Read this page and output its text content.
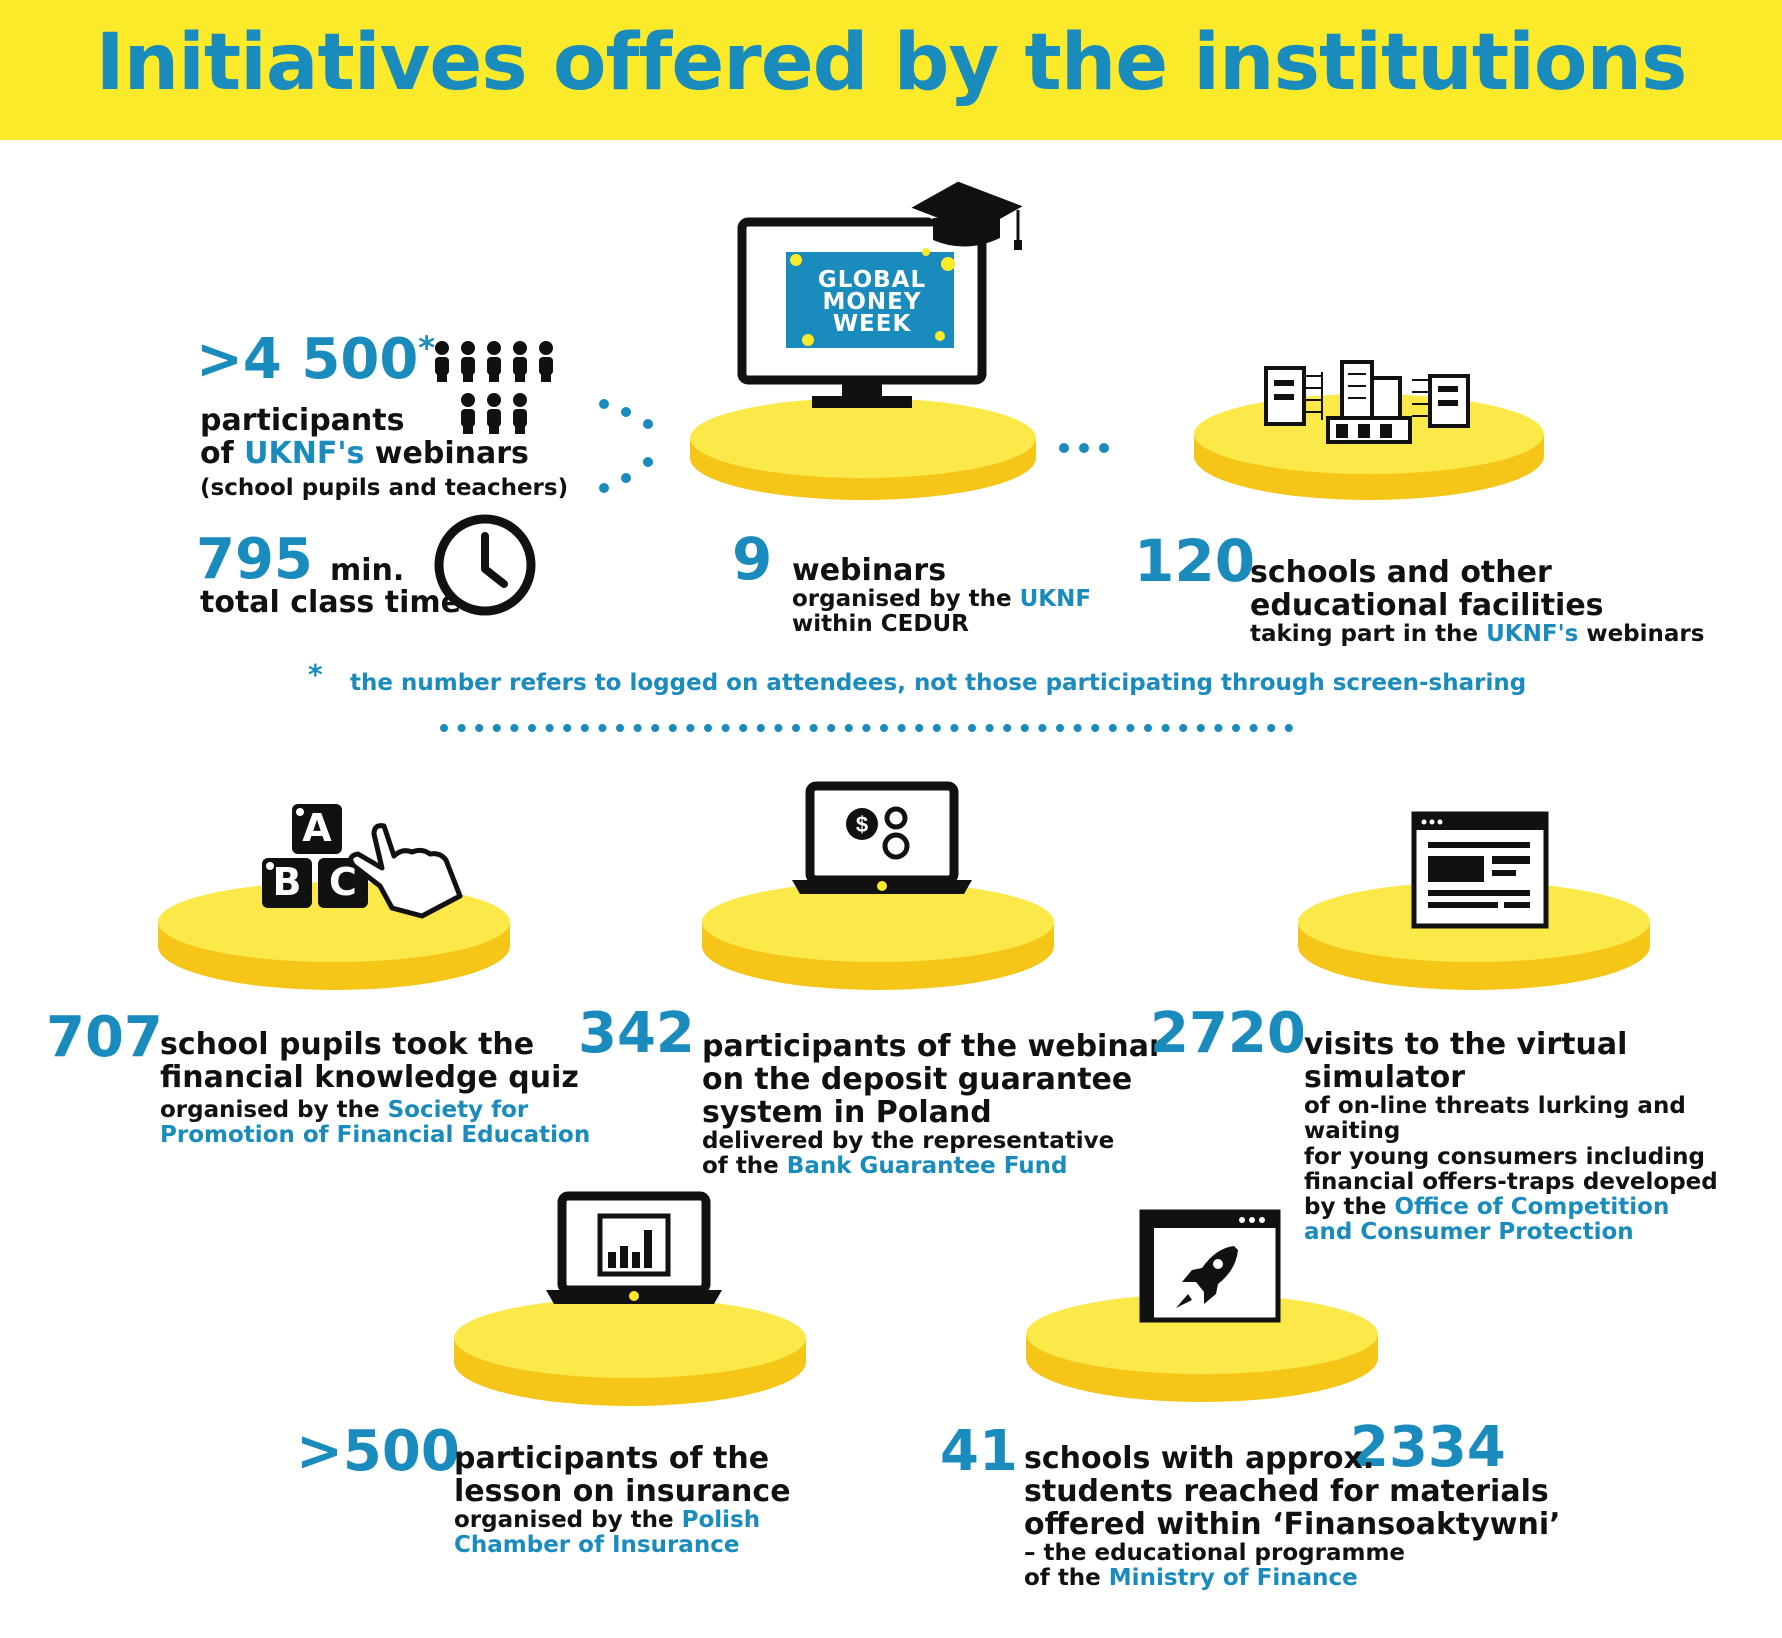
Initiatives offered by the institutions
>4 500*
participants
of UKNF's webinars
(school pupils and teachers)
795 min.
total class time
GLOBAL
MONEY
WEEK
9 webinars
organised by the UKNF
within CEDUR
120
schools and other
educational facilities
taking part in the UKNF's webinars
* the number refers to logged on attendees, not those participating through screen-sharing
A
B C
$
707
school pupils took the
financial knowledge quiz
organised by the Society for
Promotion of Financial Education
342 participants of the webinar
on the deposit guarantee
system in Poland
delivered by the representative
of the Bank Guarantee Fund
2720
visits to the virtual simulator
of on-line threats lurking and waiting
for young consumers including
financial offers-traps developed
by the Office of Competition
and Consumer Protection
>500
participants of the
lesson on insurance
organised by the Polish
Chamber of Insurance
41	2334
schools with approx.
students reached for materials
offered within ‘Finansoaktywni’
– the educational programme
of the Ministry of Finance
